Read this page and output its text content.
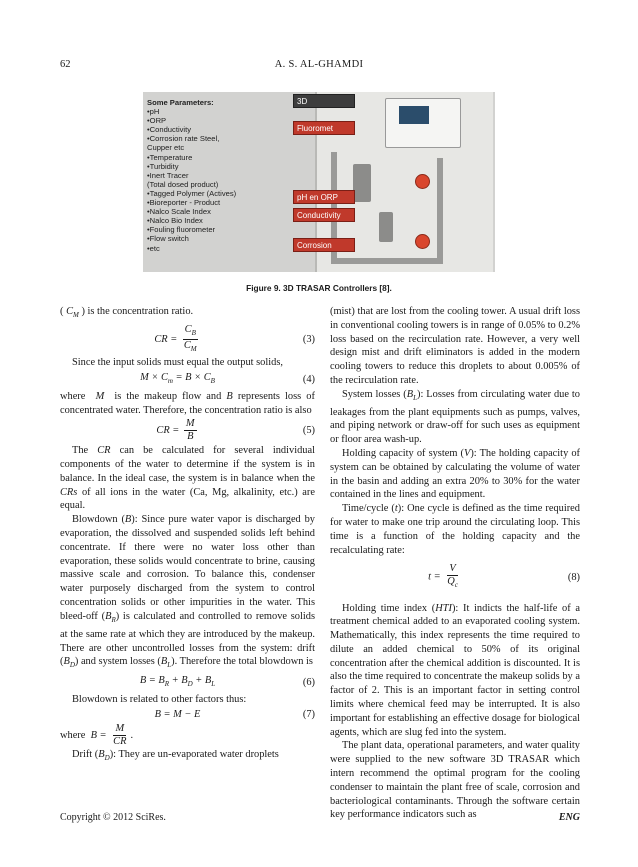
62	A. S. AL-GHAMDI
Some Parameters:
•pH
•ORP
•Conductivity
•Corrosion rate Steel,
Cupper etc
•Temperature
•Turbidity
•Inert Tracer
(Total dosed product)
•Tagged Polymer (Actives)
•Bioreporter - Product
•Nalco Scale Index
•Nalco Bio Index
•Fouling fluorometer
•Flow switch
•etc
3D
Fluoromet
pH en ORP
Conductivity
Corrosion
Figure 9. 3D TRASAR Controllers [8].

( $C_M$ ) is the concentration ratio.

CR = $\frac{C_B}{C_M}$	(3)

Since the input solids must equal the output solids,

$M \times C_m = B \times C_B$	(4)

where M is the makeup flow and B represents loss of concentrated water. Therefore, the concentration ratio is also

CR = $\frac{M}{B}$	(5)

The CR can be calculated for several individual components of the water to determine if the system is in balance. In the ideal case, the system is in balance when the CRs of all ions in the water (Ca, Mg, alkalinity, etc.) are equal.

Blowdown (B): Since pure water vapor is discharged by evaporation, the dissolved and suspended solids left behind concentrate. If there were no water loss other than evaporation, these solids would concentrate to brine, causing massive scale and corrosion. To balance this, condenser water purposely discharged from the system to control concentration solids or other impurities in the water. This bleed-off $(B_R)$ is calculated and controlled to remove solids at the same rate at which they are introduced by the makeup. There are other uncontrolled losses from the system: drift $(B_D)$ and system losses $(B_L)$. Therefore the total blowdown is

$B = B_R + B_D + B_L$	(6)

Blowdown is related to other factors thus:

B = M − E	(7)

where $B = \frac{M}{CR}$ .

Drift $(B_D)$: They are un-evaporated water droplets

(mist) that are lost from the cooling tower. A usual drift loss in conventional cooling towers is in range of 0.05% to 0.2% loss based on the recirculation rate. However, a very well design mist and drift eliminators is added in the modern cooling towers to reduce this droplets to about 0.005% of the recirculation rate.

System losses $(B_L)$: Losses from circulating water due to leakages from the plant equipments such as pumps, valves, and piping network or draw-off for such uses as equipment or floor area wash-up.

Holding capacity of system (V): The holding capacity of system can be obtained by calculating the volume of water in the basin and adding an extra 20% to 30% for the water contained in the lines and equipment.

Time/cycle (t): One cycle is defined as the time required for water to make one trip around the circulating loop. This time is a function of the holding capacity and the recalculating rate:

$t = \frac{V}{Q_c}$	(8)

Holding time index (HTI): It indicts the half-life of a treatment chemical added to an evaporated cooling system. Mathematically, this index represents the time required to dilute an added chemical to 50% of its original concentration after the chemical addition is discounted. It is also the time required to concentrate the makeup solids by a factor of 2. This is an important factor in setting control limits where chemical feed may be interrupted. It is also important for establishing an effective dosage for biological agents, which are slug fed into the system.

The plant data, operational parameters, and water quality were supplied to the new software 3D TRASAR which intern recommend the optimal program for the cooling condenser to maintain the plant free of scale, corrosion and bacteriological contaminants. Through the software certain key performance indicators such as

Copyright © 2012 SciRes.	ENG
